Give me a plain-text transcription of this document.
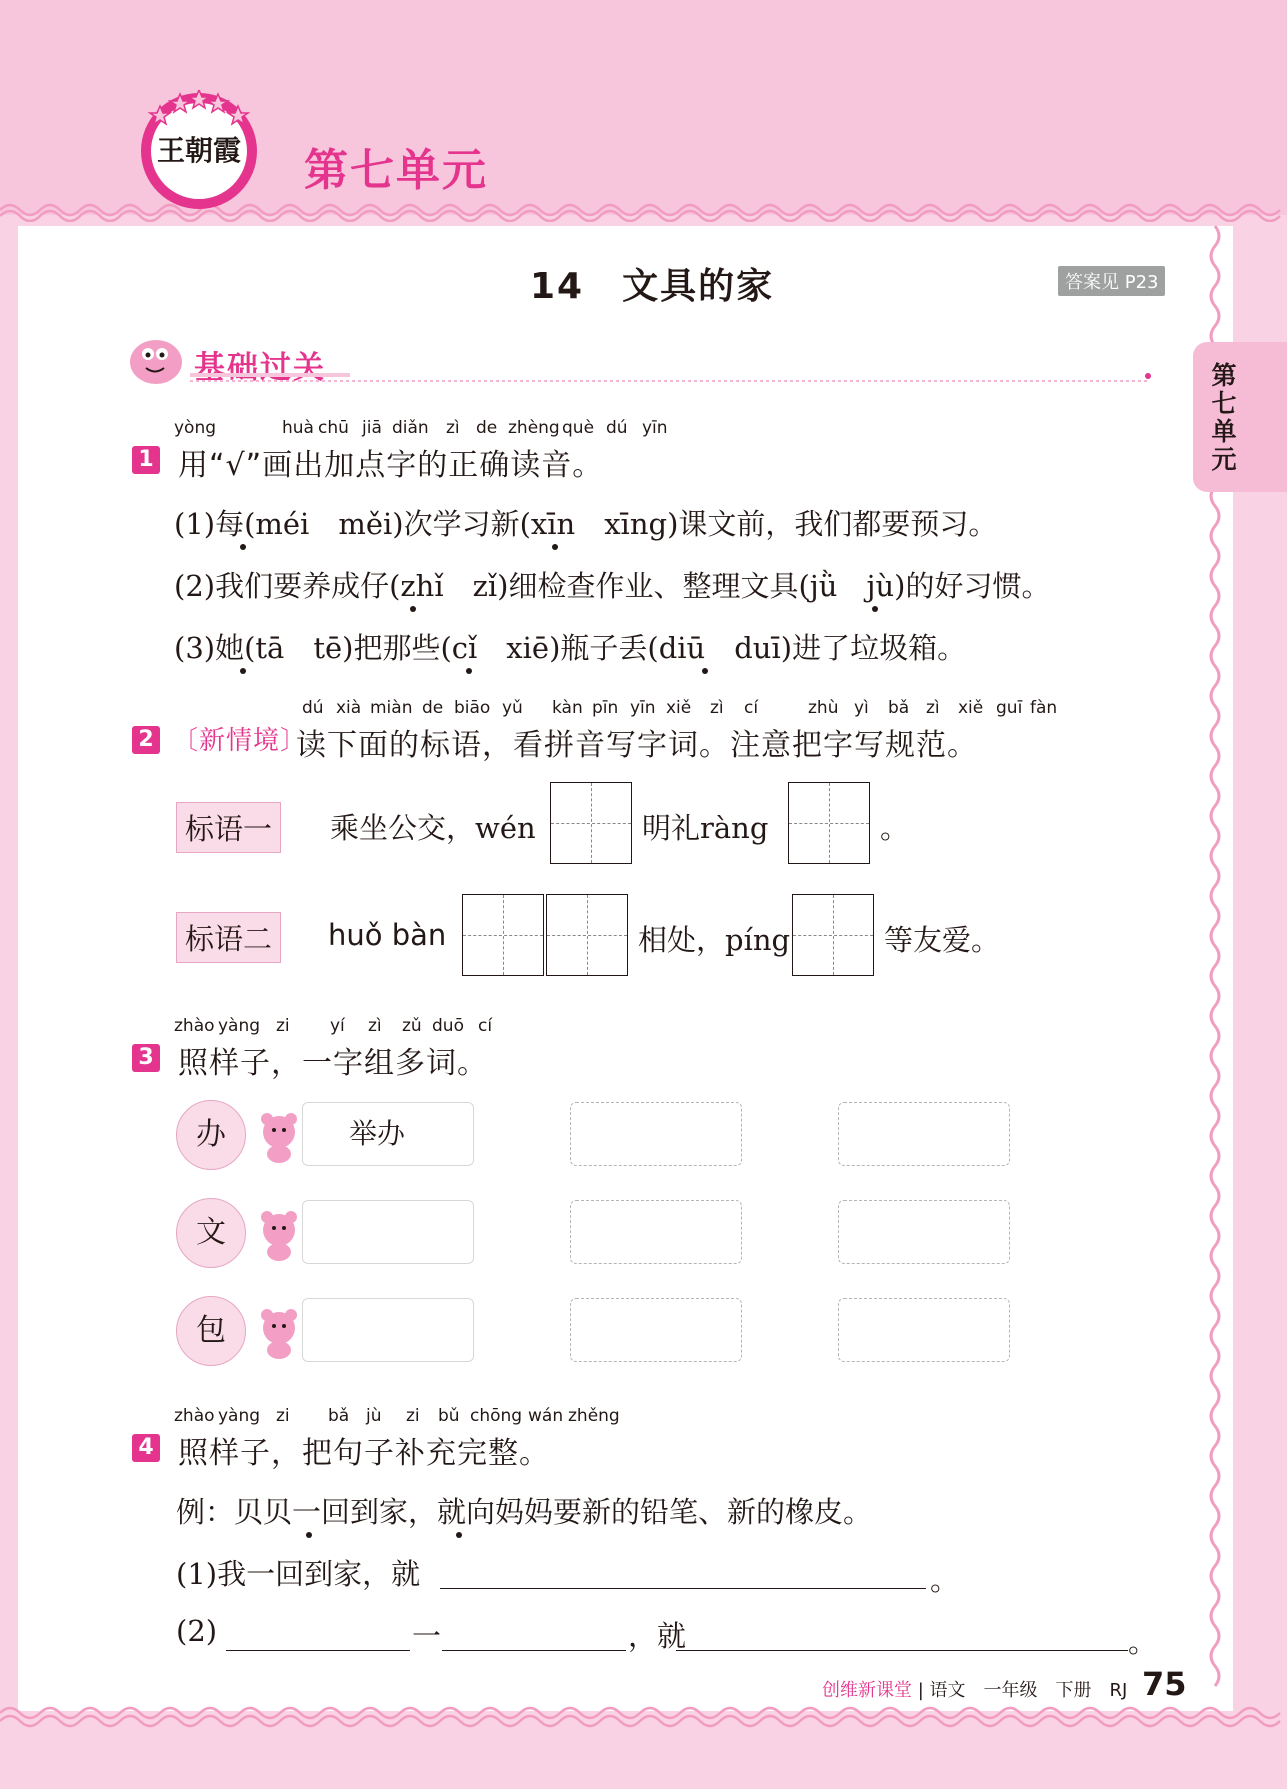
王朝霞 第七单元
第七单元
14　文具的家	答案见 P23
基础过关
1
yòng	huà chū jiā diǎn zì de zhèng què dú yīn
用“√”画出加点字的正确读音。
(1)每(méi　měi)次学习新(xīn　xīng)课文前，我们都要预习。
(2)我们要养成仔(zhǐ　zǐ)细检查作业、整理文具(jǜ　jù)的好习惯。
(3)她(tā　tē)把那些(cǐ　xiē)瓶子丢(diū　duī)进了垃圾箱。
2
dú xià miàn de biāo yǔ kàn pīn yīn xiě zì cí	zhù yì bǎ zì xiě guī fàn
〔新情境〕
读下面的标语，看拼音写字词。注意把字写规范。
标语一	乘坐公交，wén	明礼ràng	。
标语二	huǒ bàn	相处，píng	等友爱。
3
zhào yàng zi yí zì zǔ duō cí
照样子，一字组多词。
办	举办
文
包
4
zhào yàng zi bǎ jù zi bǔ chōng wán zhěng
照样子，把句子补充完整。
例：贝贝一回到家，就向妈妈要新的铅笔、新的橡皮。
(1)我一回到家，就	。
(2)	一	，就	。
创维新课堂 | 语文　一年级　下册　RJ 75
